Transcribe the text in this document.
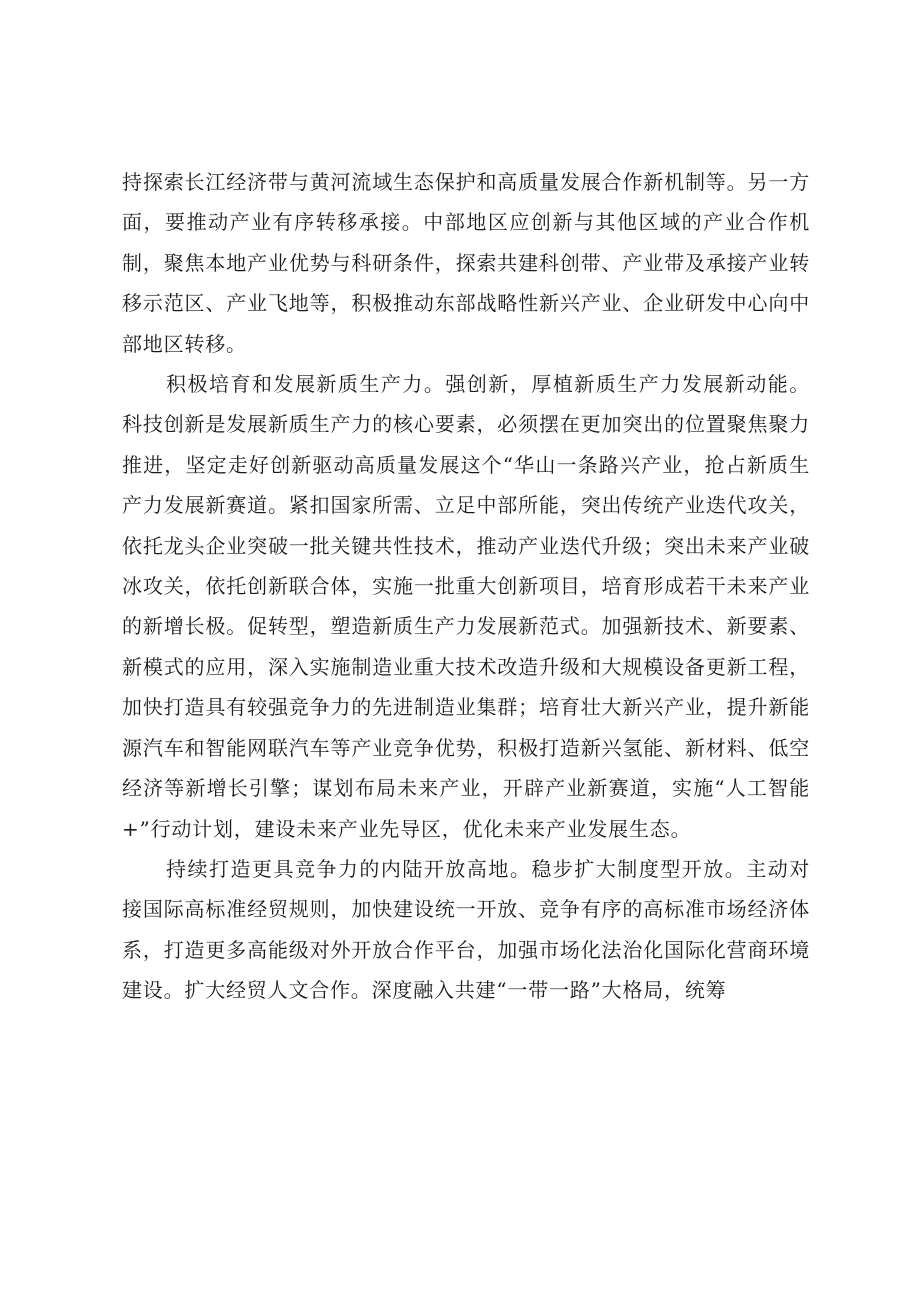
持探索长江经济带与黄河流域生态保护和高质量发展合作新机制等。另一方面，要推动产业有序转移承接。中部地区应创新与其他区域的产业合作机制，聚焦本地产业优势与科研条件，探索共建科创带、产业带及承接产业转移示范区、产业飞地等，积极推动东部战略性新兴产业、企业研发中心向中部地区转移。

积极培育和发展新质生产力。强创新，厚植新质生产力发展新动能。科技创新是发展新质生产力的核心要素，必须摆在更加突出的位置聚焦聚力推进，坚定走好创新驱动高质量发展这个“华山一条路兴产业，抢占新质生产力发展新赛道。紧扣国家所需、立足中部所能，突出传统产业迭代攻关，依托龙头企业突破一批关键共性技术，推动产业迭代升级；突出未来产业破冰攻关，依托创新联合体，实施一批重大创新项目，培育形成若干未来产业的新增长极。促转型，塑造新质生产力发展新范式。加强新技术、新要素、新模式的应用，深入实施制造业重大技术改造升级和大规模设备更新工程，加快打造具有较强竞争力的先进制造业集群；培育壮大新兴产业，提升新能源汽车和智能网联汽车等产业竞争优势，积极打造新兴氢能、新材料、低空经济等新增长引擎；谋划布局未来产业，开辟产业新赛道，实施“人工智能+”行动计划，建设未来产业先导区，优化未来产业发展生态。

持续打造更具竞争力的内陆开放高地。稳步扩大制度型开放。主动对接国际高标准经贸规则，加快建设统一开放、竞争有序的高标准市场经济体系，打造更多高能级对外开放合作平台，加强市场化法治化国际化营商环境建设。扩大经贸人文合作。深度融入共建“一带一路”大格局，统筹
